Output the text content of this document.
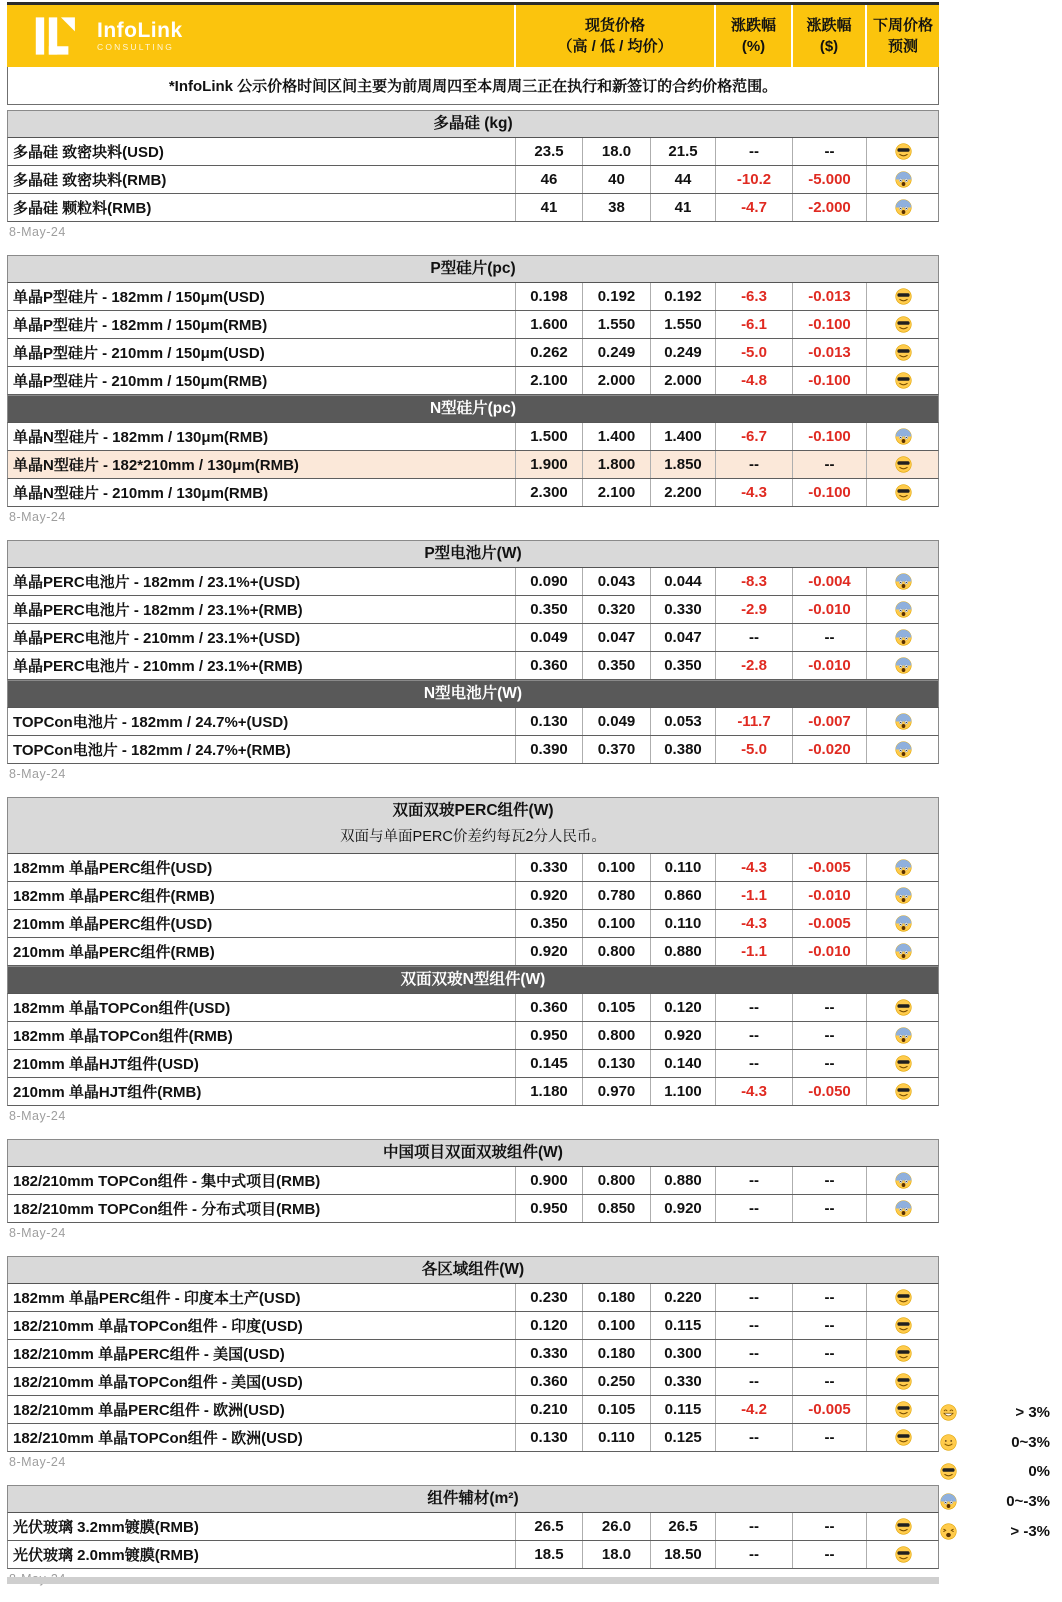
InfoLink
CONSULTING
现货价格
（高 / 低 / 均价）
涨跌幅
(%)
涨跌幅
($)
下周价格
预测
*InfoLink 公示价格时间区间主要为前周周四至本周周三正在执行和新签订的合约价格范围。
多晶硅 (kg)
多晶硅 致密块料(USD)	23.5	18.0	21.5	--	--
多晶硅 致密块料(RMB)	46	40	44	-10.2	-5.000
多晶硅 颗粒料(RMB)	41	38	41	-4.7	-2.000
8-May-24
P型硅片(pc)
单晶P型硅片 - 182mm / 150μm(USD)	0.198	0.192	0.192	-6.3	-0.013
单晶P型硅片 - 182mm / 150μm(RMB)	1.600	1.550	1.550	-6.1	-0.100
单晶P型硅片 - 210mm / 150μm(USD)	0.262	0.249	0.249	-5.0	-0.013
单晶P型硅片 - 210mm / 150μm(RMB)	2.100	2.000	2.000	-4.8	-0.100
N型硅片(pc)
单晶N型硅片 - 182mm / 130μm(RMB)	1.500	1.400	1.400	-6.7	-0.100
单晶N型硅片 - 182*210mm / 130μm(RMB)	1.900	1.800	1.850	--	--
单晶N型硅片 - 210mm / 130μm(RMB)	2.300	2.100	2.200	-4.3	-0.100
8-May-24
P型电池片(W)
单晶PERC电池片 - 182mm / 23.1%+(USD)	0.090	0.043	0.044	-8.3	-0.004
单晶PERC电池片 - 182mm / 23.1%+(RMB)	0.350	0.320	0.330	-2.9	-0.010
单晶PERC电池片 - 210mm / 23.1%+(USD)	0.049	0.047	0.047	--	--
单晶PERC电池片 - 210mm / 23.1%+(RMB)	0.360	0.350	0.350	-2.8	-0.010
N型电池片(W)
TOPCon电池片 - 182mm / 24.7%+(USD)	0.130	0.049	0.053	-11.7	-0.007
TOPCon电池片 - 182mm / 24.7%+(RMB)	0.390	0.370	0.380	-5.0	-0.020
8-May-24
双面双玻PERC组件(W)
双面与单面PERC价差约每瓦2分人民币。
182mm 单晶PERC组件(USD)	0.330	0.100	0.110	-4.3	-0.005
182mm 单晶PERC组件(RMB)	0.920	0.780	0.860	-1.1	-0.010
210mm 单晶PERC组件(USD)	0.350	0.100	0.110	-4.3	-0.005
210mm 单晶PERC组件(RMB)	0.920	0.800	0.880	-1.1	-0.010
双面双玻N型组件(W)
182mm 单晶TOPCon组件(USD)	0.360	0.105	0.120	--	--
182mm 单晶TOPCon组件(RMB)	0.950	0.800	0.920	--	--
210mm 单晶HJT组件(USD)	0.145	0.130	0.140	--	--
210mm 单晶HJT组件(RMB)	1.180	0.970	1.100	-4.3	-0.050
8-May-24
中国项目双面双玻组件(W)
182/210mm TOPCon组件 - 集中式项目(RMB)	0.900	0.800	0.880	--	--
182/210mm TOPCon组件 - 分布式项目(RMB)	0.950	0.850	0.920	--	--
8-May-24
各区域组件(W)
182mm 单晶PERC组件 - 印度本土产(USD)	0.230	0.180	0.220	--	--
182/210mm 单晶TOPCon组件 - 印度(USD)	0.120	0.100	0.115	--	--
182/210mm 单晶PERC组件 - 美国(USD)	0.330	0.180	0.300	--	--
182/210mm 单晶TOPCon组件 - 美国(USD)	0.360	0.250	0.330	--	--
182/210mm 单晶PERC组件 - 欧洲(USD)	0.210	0.105	0.115	-4.2	-0.005
182/210mm 单晶TOPCon组件 - 欧洲(USD)	0.130	0.110	0.125	--	--
8-May-24
组件辅材(m²)
光伏玻璃 3.2mm镀膜(RMB)	26.5	26.0	26.5	--	--
光伏玻璃 2.0mm镀膜(RMB)	18.5	18.0	18.50	--	--
> 3%
0~3%
0%
0~-3%
> -3%
